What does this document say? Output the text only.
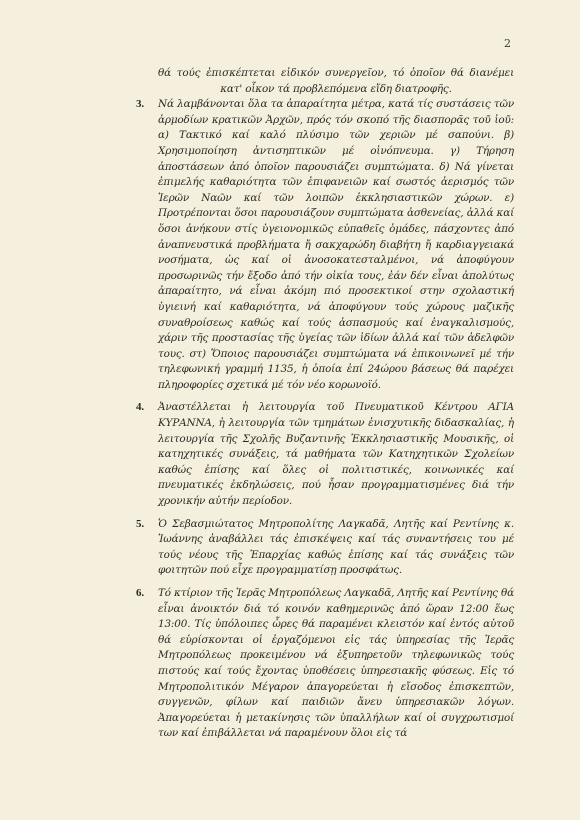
2

θά τούς ἐπισκέπτεται εἰδικόν συνεργεῖον, τό ὁποῖον θά διανέμει κατ' οἶκον τά προβλεπόμενα εἴδη διατροφῆς.

3.	Νά λαμβάνονται ὅλα τα ἀπαραίτητα μέτρα, κατά τίς συστάσεις τῶν ἁρμοδίων κρατικῶν Ἀρχῶν, πρός τόν σκοπό τῆς διασπορᾶς τοῦ ἰοῦ: α) Τακτικό καί καλό πλύσιμο τῶν χεριῶν μέ σαπούνι. β) Χρησιμοποίηση ἀντισηπτικῶν μέ οἰνόπνευμα. γ) Τήρηση ἀποστάσεων ἀπό ὁποῖον παρουσιάζει συμπτώματα. δ) Νά γίνεται ἐπιμελής καθαριότητα τῶν ἐπιφανειῶν καί σωστός ἀερισμός τῶν Ἱερῶν Ναῶν καί τῶν λοιπῶν ἐκκλησιαστικῶν χώρων. ε) Προτρέπονται ὅσοι παρουσιάζουν συμπτώματα ἀσθενείας, ἀλλά καί ὅσοι ἀνήκουν στίς ὑγειονομικῶς εὐπαθεῖς ὁμάδες, πάσχοντες ἀπό ἀναπνευστικά προβλήματα ἤ σακχαρώδη διαβήτη ἤ καρδιαγγειακά νοσήματα, ὡς καί οἱ ἀνοσοκατεσταλμένοι, νά ἀποφύγουν προσωρινῶς τήν ἔξοδο ἀπό τήν οἰκία τους, ἐάν δέν εἶναι ἀπολύτως ἀπαραίτητο, νά εἶναι ἀκόμη πιό προσεκτικοί στην σχολαστική ὑγιεινή καί καθαριότητα, νά ἀποφύγουν τούς χώρους μαζικῆς συναθροίσεως καθώς καί τούς ἀσπασμούς καί ἐναγκαλισμούς, χάριν τῆς προστασίας τῆς ὑγείας τῶν ἰδίων ἀλλά καί τῶν ἀδελφῶν τους. στ) Ὅποιος παρουσιάζει συμπτώματα νά ἐπικοινωνεῖ μέ τήν τηλεφωνική γραμμή 1135, ἡ ὁποία ἐπί 24ώρου βάσεως θά παρέχει πληροφορίες σχετικά μέ τόν νέο κορωνοϊό.

4.	Ἀναστέλλεται ἡ λειτουργία τοῦ Πνευματικοῦ Κέντρου ΑΓΙΑ ΚΥΡΑΝΝΑ, ἡ λειτουργία τῶν τμημάτων ἐνισχυτικῆς διδασκαλίας, ἡ λειτουργία τῆς Σχολῆς Βυζαντινῆς Ἐκκλησιαστικῆς Μουσικῆς, οἱ κατηχητικές συνάξεις, τά μαθήματα τῶν Κατηχητικῶν Σχολείων καθώς ἐπίσης καί ὅλες οἱ πολιτιστικές, κοινωνικές καί πνευματικές ἐκδηλώσεις, πού ἦσαν προγραμματισμένες διά τήν χρονικήν αὐτήν περίοδον.

5.	Ὁ Σεβασμιώτατος Μητροπολίτης Λαγκαδᾶ, Λητῆς καί Ρεντίνης κ. Ἰωάννης ἀναβάλλει τάς ἐπισκέψεις καί τάς συναντήσεις του μέ τούς νέους τῆς Ἐπαρχίας καθώς ἐπίσης καί τάς συνάξεις τῶν φοιτητῶν πού εἶχε προγραμματίσῃ προσφάτως.

6.	Τό κτίριον τῆς Ἱερᾶς Μητροπόλεως Λαγκαδᾶ, Λητῆς καί Ρεντίνης θά εἶναι ἀνοικτόν διά τό κοινόν καθημερινῶς ἀπό ὥραν 12:00 ἕως 13:00. Τίς ὑπόλοιπες ὧρες θά παραμένει κλειστόν καί ἐντός αὐτοῦ θά εὑρίσκονται οἱ ἐργαζόμενοι εἰς τάς ὑπηρεσίας τῆς Ἱερᾶς Μητροπόλεως προκειμένου νά ἐξυπηρετοῦν τηλεφωνικῶς τούς πιστούς καί τούς ἔχοντας ὑποθέσεις ὑπηρεσιακῆς φύσεως. Εἰς τό Μητροπολιτικόν Μέγαρον ἀπαγορεύεται ἡ εἴσοδος ἐπισκεπτῶν, συγγενῶν, φίλων καί παιδιῶν ἄνευ ὑπηρεσιακῶν λόγων. Ἀπαγορεύεται ἡ μετακίνησις τῶν ὑπαλλήλων καί οἱ συγχρωτισμοί των καί ἐπιβάλλεται νά παραμένουν ὅλοι εἰς τά
